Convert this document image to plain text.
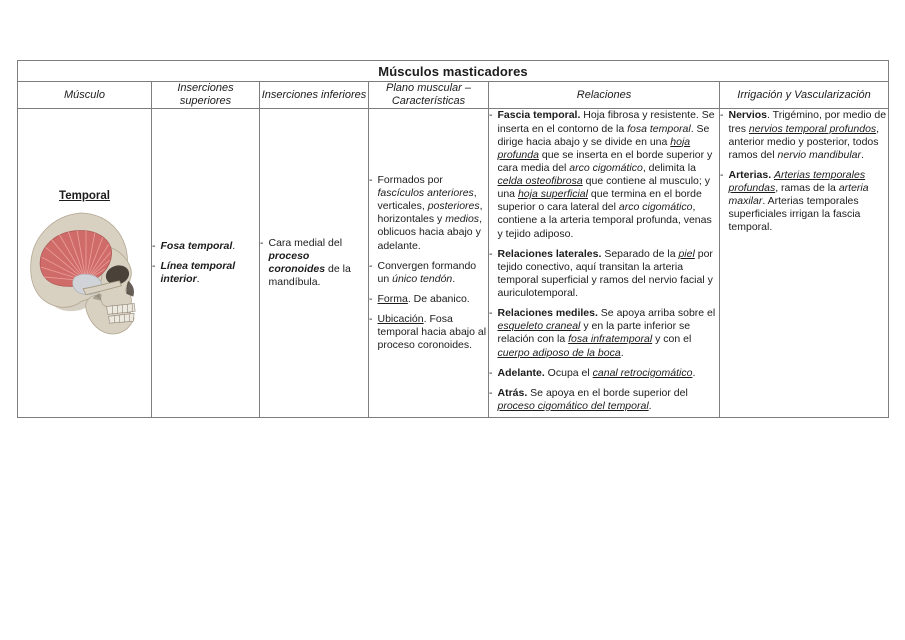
Músculos masticadores					
Músculo	Inserciones superiores	Inserciones inferiores	Plano muscular – Características	Relaciones	Irrigación y Vascularización

Temporal

- Fosa temporal.
- Línea temporal interior.

- Cara medial del proceso coronoides de la mandíbula.

- Formados por fascículos anteriores, verticales, posteriores, horizontales y medios, oblicuos hacia abajo y adelante.
- Convergen formando un único tendón.
- Forma. De abanico.
- Ubicación. Fosa temporal hacia abajo al proceso coronoides.

- Fascia temporal. Hoja fibrosa y resistente. Se inserta en el contorno de la fosa temporal. Se dirige hacia abajo y se divide en una hoja profunda que se inserta en el borde superior y cara media del arco cigomático, delimita la celda osteofibrosa que contiene al musculo; y una hoja superficial que termina en el borde superior o cara lateral del arco cigomático, contiene a la arteria temporal profunda, venas y tejido adiposo.
- Relaciones laterales. Separado de la piel por tejido conectivo, aquí transitan la arteria temporal superficial y ramos del nervio facial y auriculotemporal.
- Relaciones mediles. Se apoya arriba sobre el esqueleto craneal y en la parte inferior se relación con la fosa infratemporal y con el cuerpo adiposo de la boca.
- Adelante. Ocupa el canal retrocigomático.
- Atrás. Se apoya en el borde superior del proceso cigomático del temporal.

- Nervios. Trigémino, por medio de tres nervios temporal profundos, anterior medio y posterior, todos ramos del nervio mandibular.
- Arterias. Arterias temporales profundas, ramas de la arteria maxilar. Arterias temporales superficiales irrigan la fascia temporal.
